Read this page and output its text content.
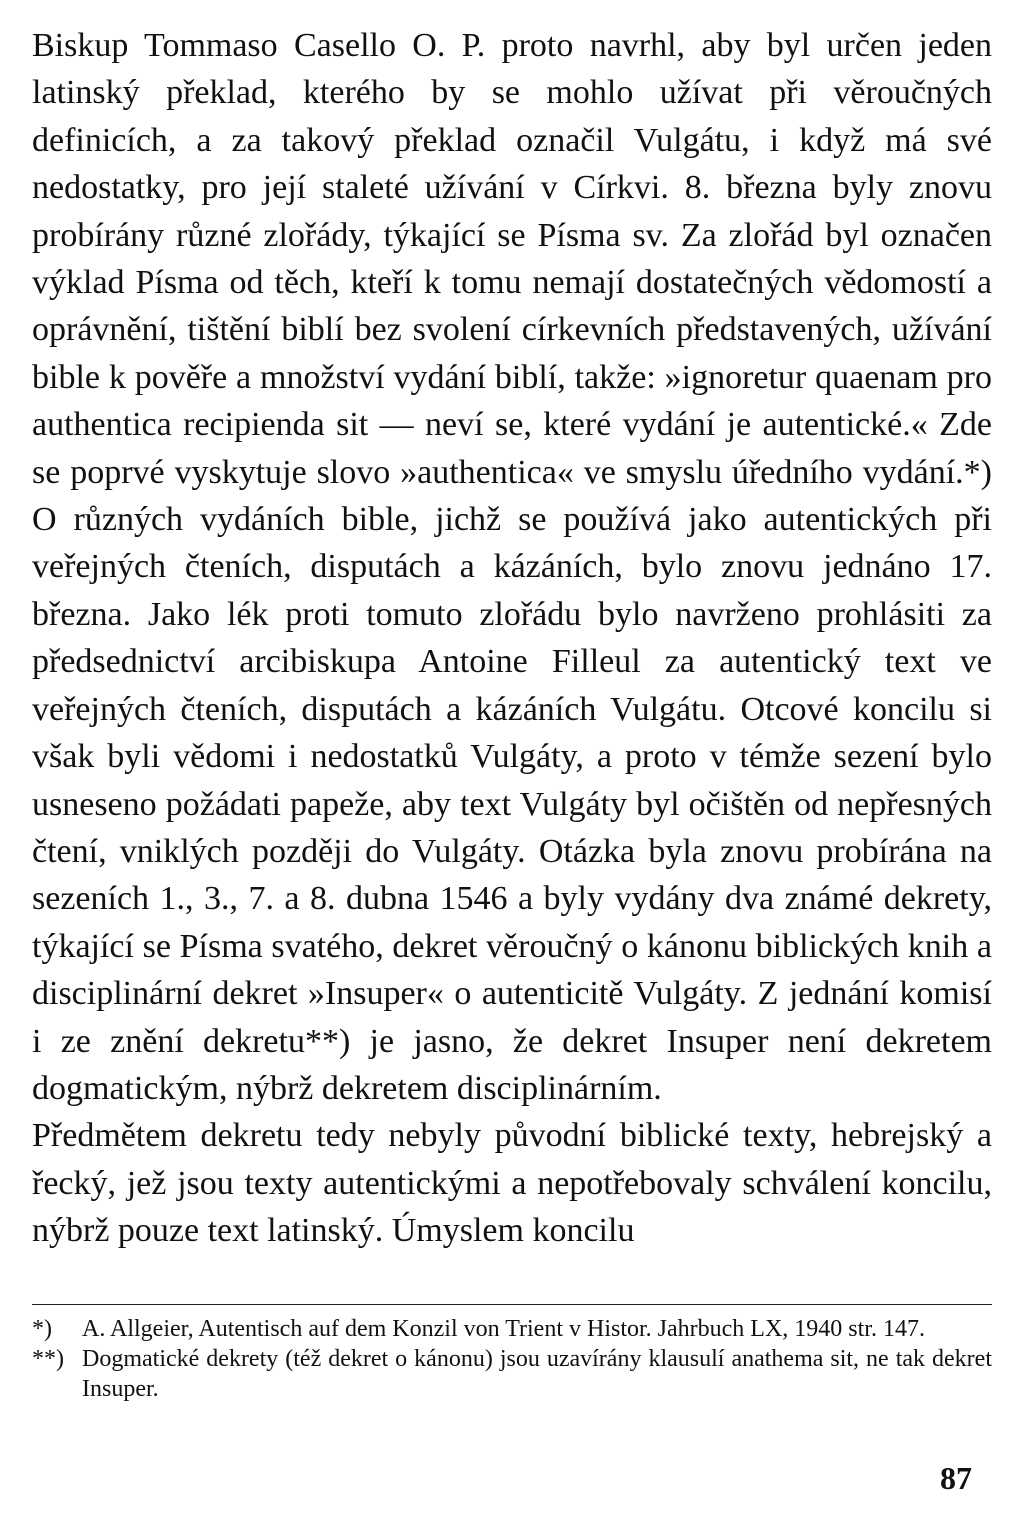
Biskup Tommaso Casello O. P. proto navrhl, aby byl určen jeden latinský překlad, kterého by se mohlo užívat při věroučných definicích, a za takový překlad označil Vulgátu, i když má své nedostatky, pro její staleté užívání v Církvi. 8. března byly znovu probírány různé zlořády, týkající se Písma sv. Za zlořád byl označen výklad Písma od těch, kteří k tomu nemají dostatečných vědomostí a oprávnění, tištění biblí bez svolení církevních představených, užívání bible k pověře a množství vydání biblí, takže: »ignoretur quaenam pro authentica recipienda sit — neví se, které vydání je autentické.« Zde se poprvé vyskytuje slovo »authentica« ve smyslu úředního vydání.*) O různých vydáních bible, jichž se používá jako autentických při veřejných čteních, disputách a kázáních, bylo znovu jednáno 17. března. Jako lék proti tomuto zlořádu bylo navrženo prohlásiti za předsednictví arcibiskupa Antoine Filleul za autentický text ve veřejných čteních, disputách a kázáních Vulgátu. Otcové koncilu si však byli vědomi i nedostatků Vulgáty, a proto v témže sezení bylo usneseno požádati papeže, aby text Vulgáty byl očištěn od nepřesných čtení, vniklých později do Vulgáty. Otázka byla znovu probírána na sezeních 1., 3., 7. a 8. dubna 1546 a byly vydány dva známé dekrety, týkající se Písma svatého, dekret věroučný o kánonu biblických knih a disciplinární dekret »Insuper« o autenticitě Vulgáty. Z jednání komisí i ze znění dekretu**) je jasno, že dekret Insuper není dekretem dogmatickým, nýbrž dekretem disciplinárním.

Předmětem dekretu tedy nebyly původní biblické texty, hebrejský a řecký, jež jsou texty autentickými a nepotřebovaly schválení koncilu, nýbrž pouze text latinský. Úmyslem koncilu

*)	A. Allgeier, Autentisch auf dem Konzil von Trient v Histor. Jahrbuch LX, 1940 str. 147.
**) Dogmatické dekrety (též dekret o kánonu) jsou uzavírány klausulí anathema sit, ne tak dekret Insuper.
87
